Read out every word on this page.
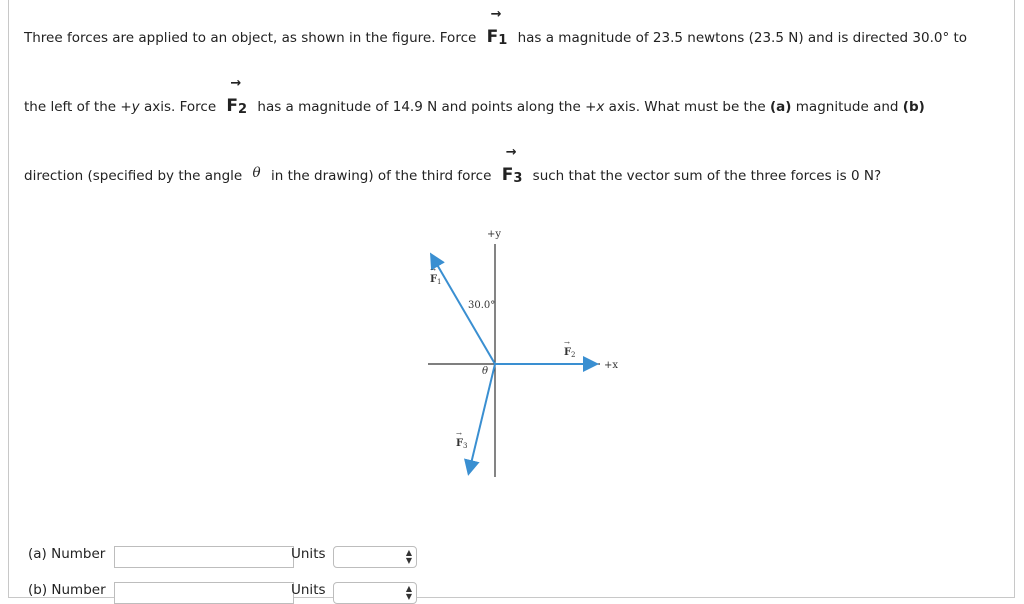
Three forces are applied to an object, as shown in the figure. Force
→
F1 has a magnitude of 23.5 newtons (23.5 N) and is directed 30.0° to
the left of the +y axis. Force
→
F2 has a magnitude of 14.9 N and points along the +x axis. What must be the (a) magnitude and (b)
direction (specified by the angle θ in the drawing) of the third force
→
F3 such that the vector sum of the three forces is 0 N?
+y
+x
30.0°
θ
F 1
→
F 2
→
F 3
→
(a) Number	Units	▲
▼
(b) Number	Units	▲
▼
